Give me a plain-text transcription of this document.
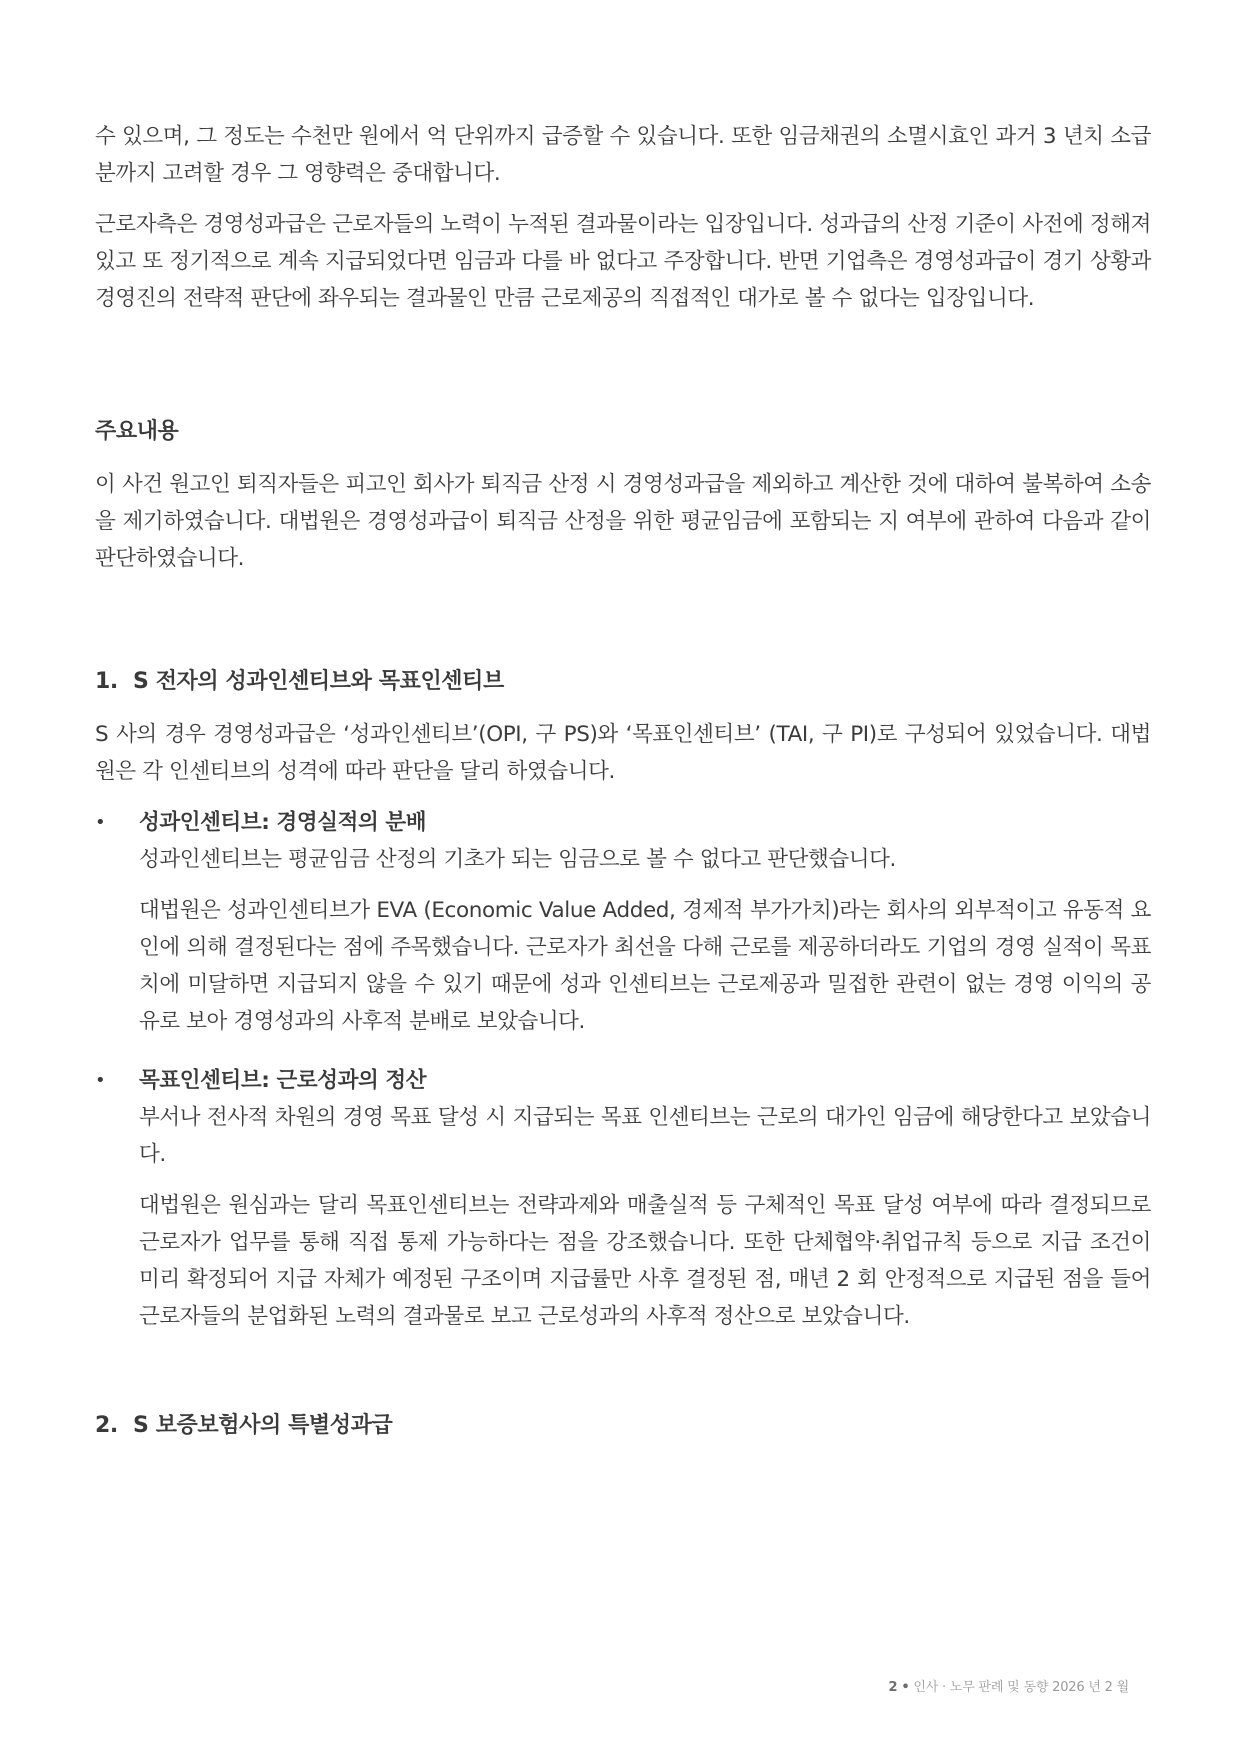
수 있으며, 그 정도는 수천만 원에서 억 단위까지 급증할 수 있습니다. 또한 임금채권의 소멸시효인 과거 3 년치 소급분까지 고려할 경우 그 영향력은 중대합니다.

근로자측은 경영성과급은 근로자들의 노력이 누적된 결과물이라는 입장입니다. 성과급의 산정 기준이 사전에 정해져 있고 또 정기적으로 계속 지급되었다면 임금과 다를 바 없다고 주장합니다. 반면 기업측은 경영성과급이 경기 상황과 경영진의 전략적 판단에 좌우되는 결과물인 만큼 근로제공의 직접적인 대가로 볼 수 없다는 입장입니다.

주요내용

이 사건 원고인 퇴직자들은 피고인 회사가 퇴직금 산정 시 경영성과급을 제외하고 계산한 것에 대하여 불복하여 소송을 제기하였습니다. 대법원은 경영성과급이 퇴직금 산정을 위한 평균임금에 포함되는 지 여부에 관하여 다음과 같이 판단하였습니다.

1. S 전자의 성과인센티브와 목표인센티브

S 사의 경우 경영성과급은 ‘성과인센티브’(OPI, 구 PS)와 ‘목표인센티브’ (TAI, 구 PI)로 구성되어 있었습니다. 대법원은 각 인센티브의 성격에 따라 판단을 달리 하였습니다.

•	성과인센티브: 경영실적의 분배

성과인센티브는 평균임금 산정의 기초가 되는 임금으로 볼 수 없다고 판단했습니다.

대법원은 성과인센티브가 EVA (Economic Value Added, 경제적 부가가치)라는 회사의 외부적이고 유동적 요인에 의해 결정된다는 점에 주목했습니다. 근로자가 최선을 다해 근로를 제공하더라도 기업의 경영 실적이 목표치에 미달하면 지급되지 않을 수 있기 때문에 성과 인센티브는 근로제공과 밀접한 관련이 없는 경영 이익의 공유로 보아 경영성과의 사후적 분배로 보았습니다.

•	목표인센티브: 근로성과의 정산

부서나 전사적 차원의 경영 목표 달성 시 지급되는 목표 인센티브는 근로의 대가인 임금에 해당한다고 보았습니다.

대법원은 원심과는 달리 목표인센티브는 전략과제와 매출실적 등 구체적인 목표 달성 여부에 따라 결정되므로 근로자가 업무를 통해 직접 통제 가능하다는 점을 강조했습니다. 또한 단체협약·취업규칙 등으로 지급 조건이 미리 확정되어 지급 자체가 예정된 구조이며 지급률만 사후 결정된 점, 매년 2 회 안정적으로 지급된 점을 들어 근로자들의 분업화된 노력의 결과물로 보고 근로성과의 사후적 정산으로 보았습니다.

2. S 보증보험사의 특별성과급
2 • 인사 · 노무 판례 및 동향 2026 년 2 월
